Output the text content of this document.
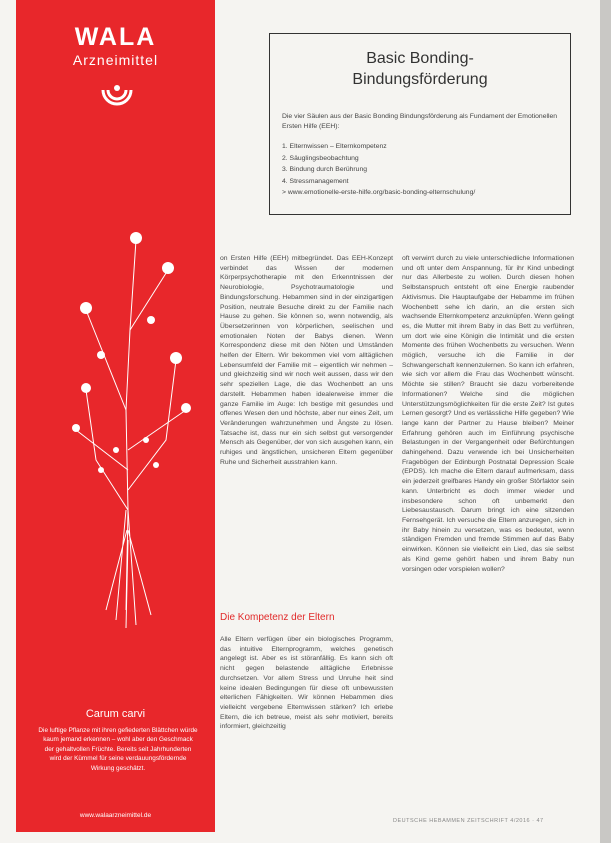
WALA
Arzneimittel
Carum carvi
Die luftige Pflanze mit ihren gefiederten Blättchen würde kaum jemand erkennen – wohl aber den Geschmack der gehaltvollen Früchte. Bereits seit Jahrhunderten wird der Kümmel für seine verdauungsfördernde Wirkung geschätzt.
www.walaarzneimittel.de
Basic Bonding-
Bindungsförderung
Die vier Säulen aus der Basic Bonding Bindungsförderung als Fundament der Emotionellen Ersten Hilfe (EEH):
1. Elternwissen – Elternkompetenz
2. Säuglingsbeobachtung
3. Bindung durch Berührung
4. Stressmanagement
> www.emotionelle-erste-hilfe.org/basic-bonding-elternschulung/

on Ersten Hilfe (EEH) mitbegründet. Das EEH-Konzept verbindet das Wissen der modernen Körperpsychotherapie mit den Erkenntnissen der Neurobiologie, Psychotraumatologie und Bindungsforschung. Hebammen sind in der einzigartigen Position, neutrale Besuche direkt zu der Familie nach Hause zu gehen. Sie können so, wenn notwendig, als Übersetzerinnen von körperlichen, seelischen und emotionalen Noten der Babys dienen. Wenn Korrespondenz diese mit den Nöten und Umständen helfen der Eltern. Wir bekommen viel vom alltäglichen Lebensumfeld der Familie mit – eigentlich wir nehmen – und gleichzeitig sind wir noch weit aussen, dass wir den sehr speziellen Lage, die das Wochenbett an uns darstellt. Hebammen haben idealerweise immer die ganze Familie im Auge: Ich bestige mit gesundes und offenes Wesen den und höchste, aber nur eines Zeit, um Veränderungen wahrzunehmen und Ängste zu lösen. Tatsache ist, dass nur ein sich selbst gut versorgender Mensch als Gegenüber, der von sich ausgehen kann, ein ruhiges und ängstlichen, unsicheren Eltern gegenüber Ruhe und Sicherheit ausstrahlen kann.

Die Kompetenz der Eltern

Alle Eltern verfügen über ein biologisches Programm, das intuitive Elternprogramm, welches genetisch angelegt ist. Aber es ist störanfällig. Es kann sich oft nicht gegen belastende alltägliche Erlebnisse durchsetzen. Vor allem Stress und Unruhe heit sind keine idealen Bedingungen für diese oft unbewussten elterlichen Fähigkeiten. Wir können Hebammen dies vielleicht vergebene Elternwissen stärken? Ich erlebe Eltern, die ich betreue, meist als sehr motiviert, bereits informiert, gleichzeitig

oft verwirrt durch zu viele unterschiedliche Informationen und oft unter dem Anspannung, für ihr Kind unbedingt nur das Allerbeste zu wollen. Durch diesen hohen Selbstanspruch entsteht oft eine Energie raubender Aktivismus. Die Hauptaufgabe der Hebamme im frühen Wochenbett sehe ich darin, an die ersten sich wachsende Elternkompetenz anzuknüpfen. Wenn gelingt es, die Mutter mit ihrem Baby in das Bett zu verführen, um dort wie eine Königin die Intimität und die ersten Momente des frühen Wochenbetts zu versuchen. Wenn möglich, versuche ich die Familie in der Schwangerschaft kennenzulernen. So kann ich erfahren, wie sich vor allem die Frau das Wochenbett wünscht. Möchte sie stillen? Braucht sie dazu vorbereitende Informationen? Welche sind die möglichen Unterstützungsmöglichkeiten für die erste Zeit? Ist gutes Lernen gesorgt? Und es verlässliche Hilfe gegeben? Wie lange kann der Partner zu Hause bleiben? Meiner Erfahrung gehören auch im Einführung psychische Belastungen in der Vergangenheit oder Befürchtungen dahingehend. Dazu verwende ich bei Unsicherheiten Fragebögen der Edinburgh Postnatal Depression Scale (EPDS). Ich mache die Eltern darauf aufmerksam, dass ein jederzeit greifbares Handy ein großer Störfaktor sein kann. Unterbricht es doch immer wieder und insbesondere schon oft unbemerkt den Liebesaustausch. Darum bringt ich eine sitzenden Fernsehgerät. Ich versuche die Eltern anzuregen, sich in ihr Baby hinein zu versetzen, was es bedeutet, wenn ständigen Fremden und fremde Stimmen auf das Baby einwirken. Können sie vielleicht ein Lied, das sie selbst als Kind gerne gehört haben und ihrem Baby nun vorsingen oder vorspielen wollen?

DEUTSCHE HEBAMMEN ZEITSCHRIFT 4/2016 · 47
